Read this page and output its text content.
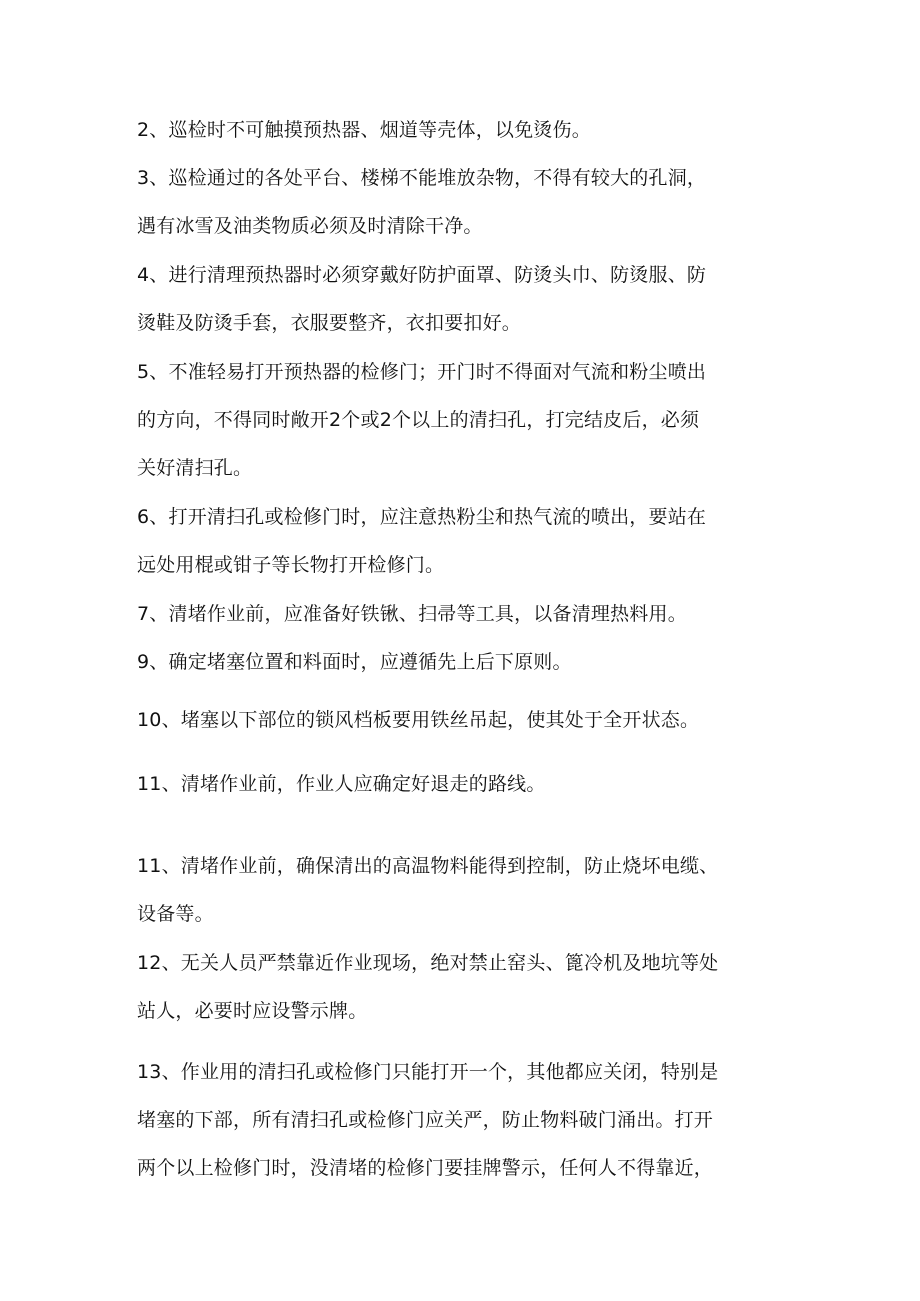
2、巡检时不可触摸预热器、烟道等壳体，以免烫伤。

3、巡检通过的各处平台、楼梯不能堆放杂物，不得有较大的孔洞，
遇有冰雪及油类物质必须及时清除干净。

4、进行清理预热器时必须穿戴好防护面罩、防烫头巾、防烫服、防
烫鞋及防烫手套，衣服要整齐，衣扣要扣好。

5、不准轻易打开预热器的检修门；开门时不得面对气流和粉尘喷出
的方向，不得同时敞开2个或2个以上的清扫孔，打完结皮后，必须
关好清扫孔。

6、打开清扫孔或检修门时，应注意热粉尘和热气流的喷出，要站在
远处用棍或钳子等长物打开检修门。

7、清堵作业前，应准备好铁锹、扫帚等工具，以备清理热料用。

9、确定堵塞位置和料面时，应遵循先上后下原则。

10、堵塞以下部位的锁风档板要用铁丝吊起，使其处于全开状态。

11、清堵作业前，作业人应确定好退走的路线。

11、清堵作业前，确保清出的高温物料能得到控制，防止烧坏电缆、
设备等。

12、无关人员严禁靠近作业现场，绝对禁止窑头、篦冷机及地坑等处
站人，必要时应设警示牌。

13、作业用的清扫孔或检修门只能打开一个，其他都应关闭，特别是
堵塞的下部，所有清扫孔或检修门应关严，防止物料破门涌出。打开
两个以上检修门时，没清堵的检修门要挂牌警示，任何人不得靠近，
